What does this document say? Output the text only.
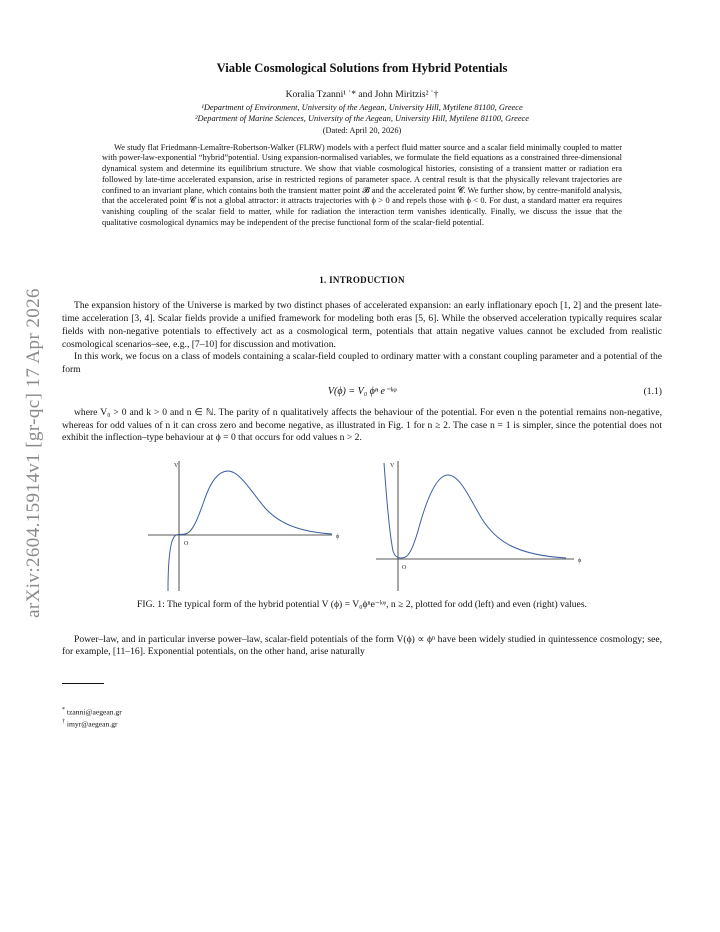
arXiv:2604.15914v1 [gr-qc] 17 Apr 2026
Viable Cosmological Solutions from Hybrid Potentials
Koralia Tzanni¹ ˙* and John Miritzis² ˙†
¹Department of Environment, University of the Aegean, University Hill, Mytilene 81100, Greece
²Department of Marine Sciences, University of the Aegean, University Hill, Mytilene 81100, Greece
(Dated: April 20, 2026)

We study flat Friedmann-Lemaître-Robertson-Walker (FLRW) models with a perfect fluid matter source and a scalar field minimally coupled to matter with power-law-exponential “hybrid”potential. Using expansion-normalised variables, we formulate the field equations as a constrained three-dimensional dynamical system and determine its equilibrium structure. We show that viable cosmological histories, consisting of a transient matter or radiation era followed by late-time accelerated expansion, arise in restricted regions of parameter space. A central result is that the physically relevant trajectories are confined to an invariant plane, which contains both the transient matter point 𝓑 and the accelerated point 𝓒. We further show, by centre-manifold analysis, that the accelerated point 𝓒 is not a global attractor: it attracts trajectories with ϕ > 0 and repels those with ϕ < 0. For dust, a standard matter era requires vanishing coupling of the scalar field to matter, while for radiation the interaction term vanishes identically. Finally, we discuss the issue that the qualitative cosmological dynamics may be independent of the precise functional form of the scalar-field potential.

1. INTRODUCTION

The expansion history of the Universe is marked by two distinct phases of accelerated expansion: an early inflationary epoch [1, 2] and the present late-time acceleration [3, 4]. Scalar fields provide a unified framework for modeling both eras [5, 6]. While the observed acceleration typically requires scalar fields with non-negative potentials to effectively act as a cosmological term, potentials that attain negative values cannot be excluded from realistic cosmological scenarios–see, e.g., [7–10] for discussion and motivation.

In this work, we focus on a class of models containing a scalar-field coupled to ordinary matter with a constant coupling parameter and a potential of the form

V(ϕ) = V₀ ϕⁿ e⁻ᵏᵠ	(1.1)

where V₀ > 0 and k > 0 and n ∈ ℕ. The parity of n qualitatively affects the behaviour of the potential. For even n the potential remains non-negative, whereas for odd values of n it can cross zero and become negative, as illustrated in Fig. 1 for n ≥ 2. The case n = 1 is simpler, since the potential does not exhibit the inflection–type behaviour at ϕ = 0 that occurs for odd values n > 2.

V
ϕ
O
V
ϕ
O
FIG. 1: The typical form of the hybrid potential V (ϕ) = V₀ϕⁿe⁻ᵏᵠ, n ≥ 2, plotted for odd (left) and even (right) values.

Power–law, and in particular inverse power–law, scalar-field potentials of the form V(ϕ) ∝ ϕⁿ have been widely studied in quintessence cosmology; see, for example, [11–16]. Exponential potentials, on the other hand, arise naturally

* tzanni@aegean.gr
† imyr@aegean.gr
